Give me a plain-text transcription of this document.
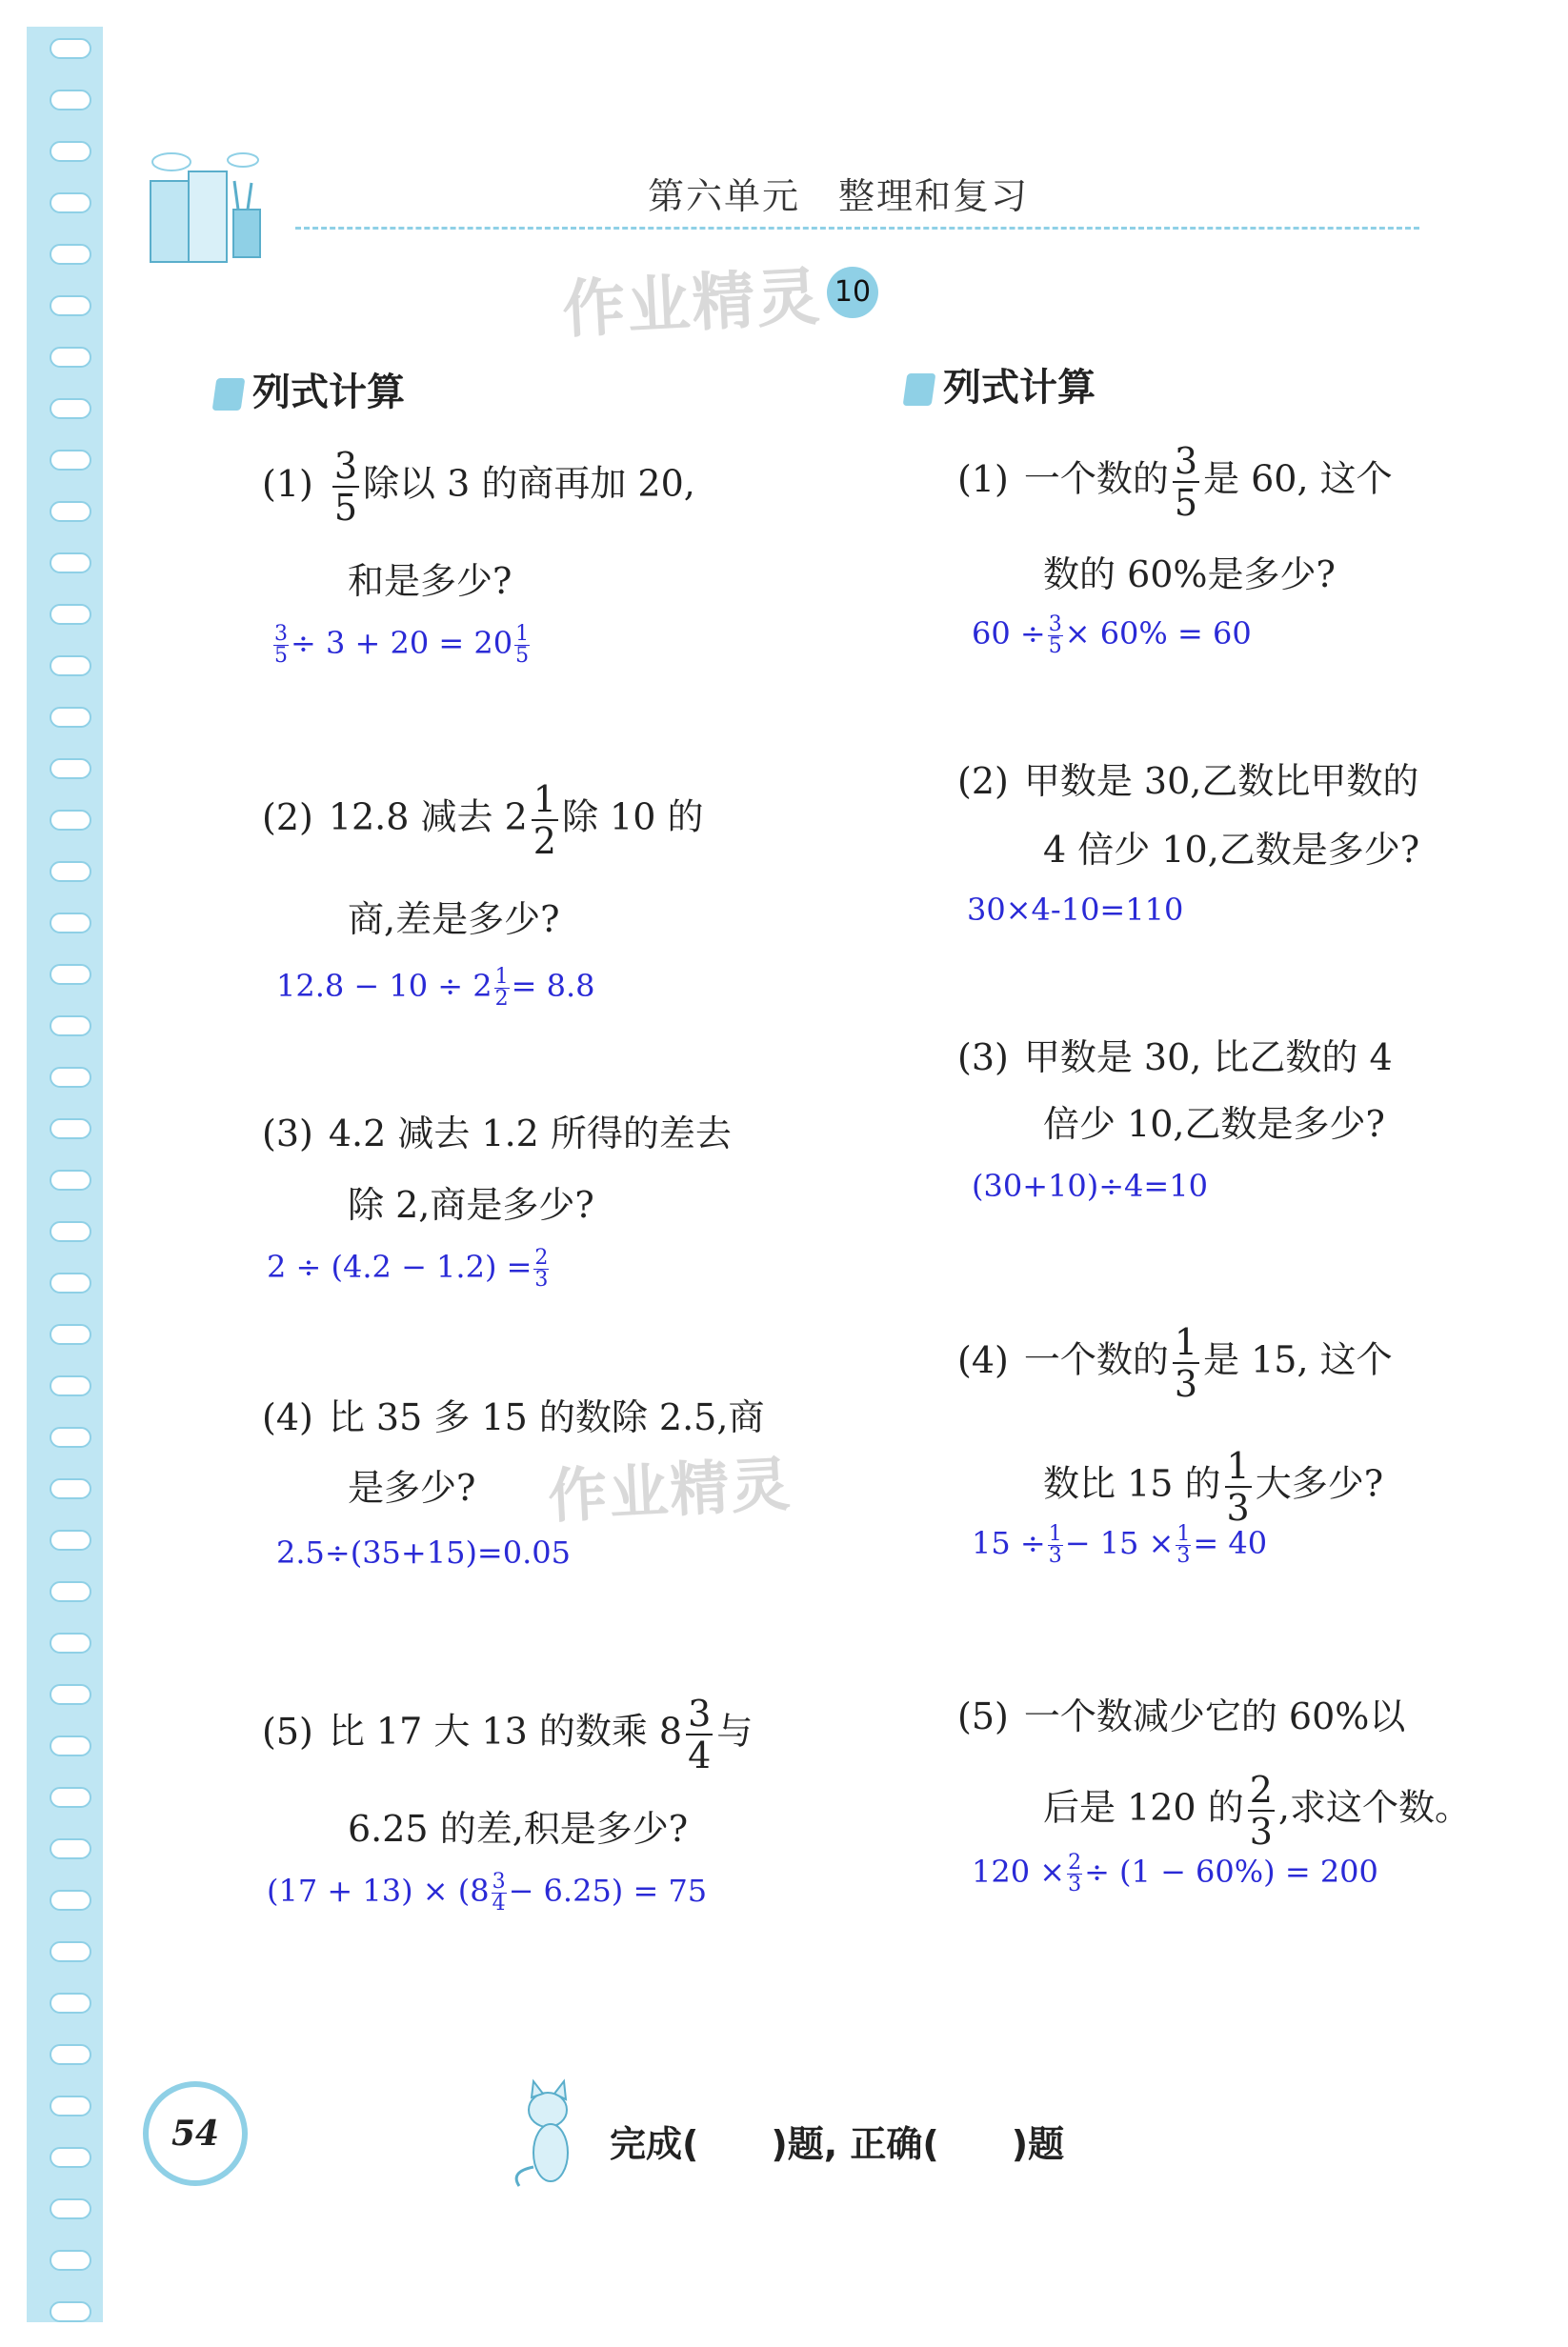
第六单元　整理和复习
作业精灵 10
列式计算
$(1) \frac{3}{5}$ 除以 3 的商再加 20,
和是多少?
$\frac{3}{5} \div 3 + 20 = 20 \frac{1}{5}$
(2) 12.8 减去 $2 \frac{1}{2}$ 除 10 的
商,差是多少?
$12.8 - 10 \div 2 \frac{1}{2} = 8.8$
(3) 4.2 减去 1.2 所得的差去
除 2,商是多少?
$2 \div (4.2 - 1.2) = \frac{2}{3}$
(4) 比 35 多 15 的数除 2.5,商
是多少? 作业精灵
2.5÷(35+15)=0.05
(5) 比 17 大 13 的数乘 $8 \frac{3}{4}$ 与
6.25 的差,积是多少?
$(17 + 13) \times (8 \frac{3}{4} - 6.25) = 75$
列式计算
(1) 一个数的 $\frac{3}{5}$ 是 60, 这个
数的 60%是多少?
$60 \div \frac{3}{5} \times 60\% = 60$
(2) 甲数是 30,乙数比甲数的
4 倍少 10,乙数是多少?
30×4-10=110
(3) 甲数是 30, 比乙数的 4
倍少 10,乙数是多少?
(30+10)÷4=10
(4) 一个数的 $\frac{1}{3}$ 是 15, 这个
数比 15 的 $\frac{1}{3}$ 大多少?
$15 \div \frac{1}{3} - 15 \times \frac{1}{3} = 40$
(5) 一个数减少它的 60%以
后是 120 的 $\frac{2}{3}$ ,求这个数。
$120 \times \frac{2}{3} \div (1 - 60\%) = 200$
54	完成(　　)题, 正确(　　)题
